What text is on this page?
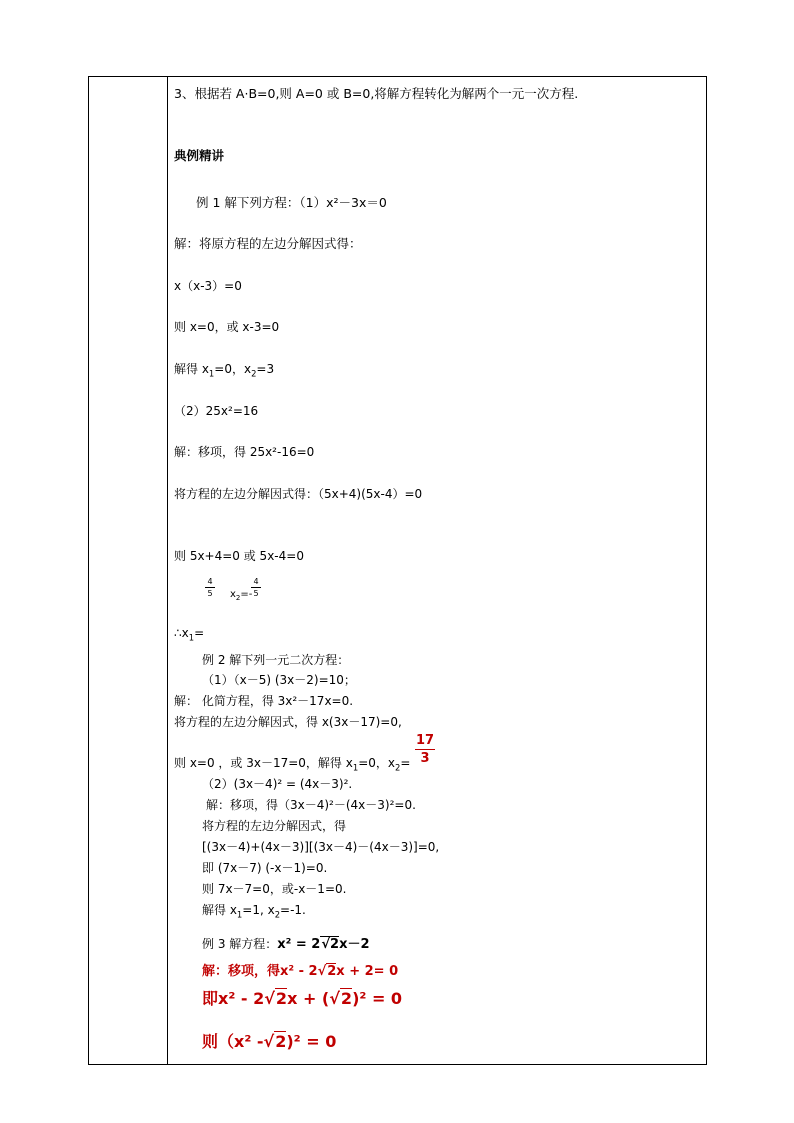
3、根据若 A·B=0,则 A=0 或 B=0,将解方程转化为解两个一元一次方程.
典例精讲
例 1 解下列方程：（1）x²－3x＝0
解：将原方程的左边分解因式得：
x（x-3）=0
则 x=0，或 x-3=0
解得 $x_1=0$，$x_2=3$
（2）25x²=16
解：移项，得 25x²-16=0
将方程的左边分解因式得：（5x+4)(5x-4）=0
则 5x+4=0 或 5x-4=0
4
5 $x_2=-$
4
5
$\therefore x_1=$
例 2 解下列一元二次方程：
（1）（x－5) (3x－2)=10；
解： 化简方程，得 3x²－17x=0.
将方程的左边分解因式，得 x(3x－17)=0,
则 x=0 ，或 3x－17=0，解得 $x_1=0$，$x_2=$
17
3
（2）(3x－4)² = (4x－3)².
解：移项，得（3x－4)²－(4x－3)²=0.
将方程的左边分解因式，得
[(3x－4)+(4x－3)][(3x－4)－(4x－3)]=0,
即 (7x－7) (-x－1)=0.
则 7x－7=0，或-x－1=0.
解得 $x_1=1$, $x_2=-1$.
例 3 解方程：x² = 2√2x－2
解：移项，得x² - 2√2x + 2= 0
即x² - 2√2x + (√2)² = 0
则（x² -√2)² = 0
